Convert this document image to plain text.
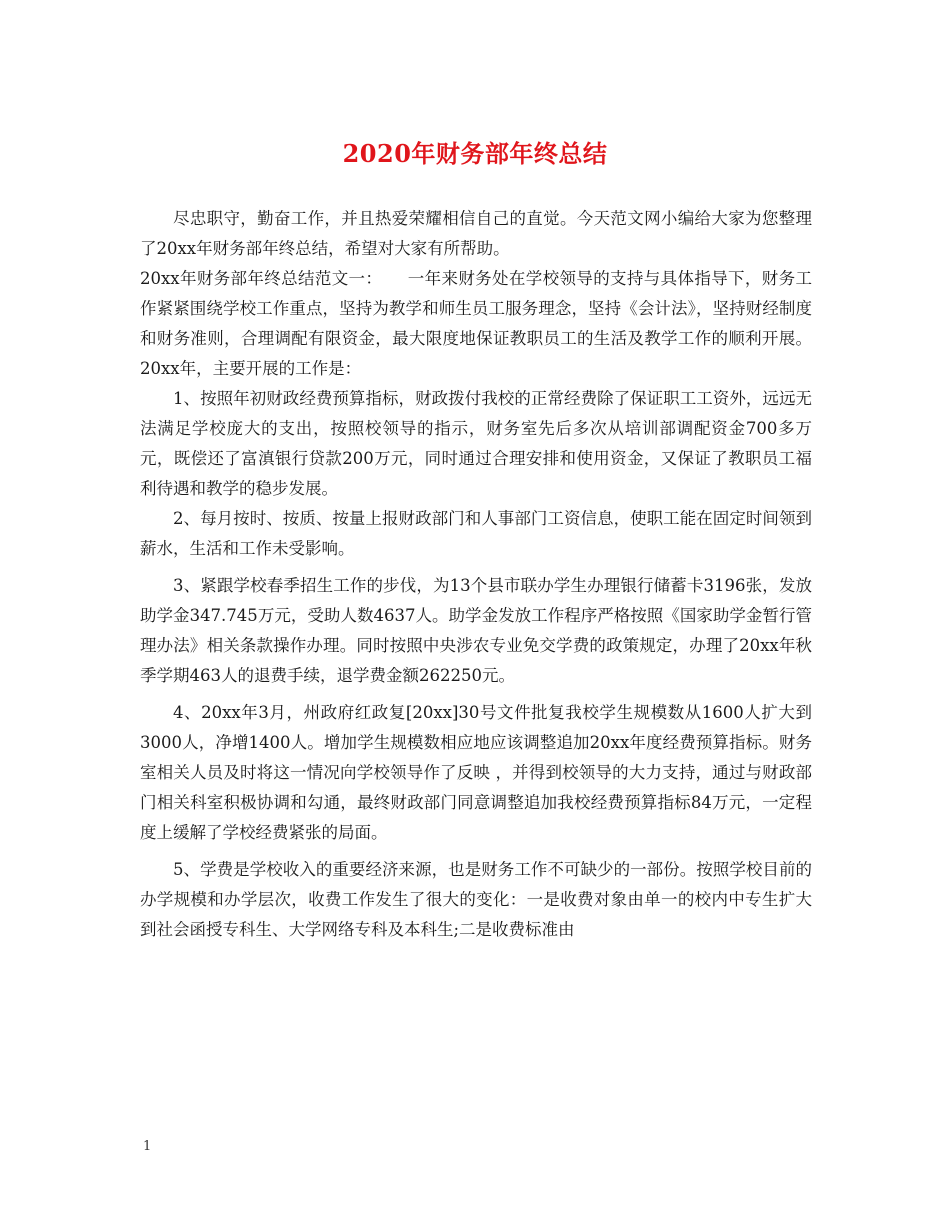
2020年财务部年终总结

尽忠职守，勤奋工作，并且热爱荣耀相信自己的直觉。今天范文网小编给大家为您整理了20xx年财务部年终总结，希望对大家有所帮助。

20xx年财务部年终总结范文一：　　一年来财务处在学校领导的支持与具体指导下，财务工作紧紧围绕学校工作重点，坚持为教学和师生员工服务理念，坚持《会计法》，坚持财经制度和财务准则，合理调配有限资金，最大限度地保证教职员工的生活及教学工作的顺利开展。20xx年，主要开展的工作是：

1、按照年初财政经费预算指标，财政拨付我校的正常经费除了保证职工工资外，远远无法满足学校庞大的支出，按照校领导的指示，财务室先后多次从培训部调配资金700多万元，既偿还了富滇银行贷款200万元，同时通过合理安排和使用资金，又保证了教职员工福利待遇和教学的稳步发展。

2、每月按时、按质、按量上报财政部门和人事部门工资信息，使职工能在固定时间领到薪水，生活和工作未受影响。

3、紧跟学校春季招生工作的步伐，为13个县市联办学生办理银行储蓄卡3196张，发放助学金347.745万元，受助人数4637人。助学金发放工作程序严格按照《国家助学金暂行管理办法》相关条款操作办理。同时按照中央涉农专业免交学费的政策规定，办理了20xx年秋季学期463人的退费手续，退学费金额262250元。

4、20xx年3月，州政府红政复[20xx]30号文件批复我校学生规模数从1600人扩大到3000人，净增1400人。增加学生规模数相应地应该调整追加20xx年度经费预算指标。财务室相关人员及时将这一情况向学校领导作了反映 ，并得到校领导的大力支持，通过与财政部门相关科室积极协调和勾通，最终财政部门同意调整追加我校经费预算指标84万元，一定程度上缓解了学校经费紧张的局面。

5、学费是学校收入的重要经济来源，也是财务工作不可缺少的一部份。按照学校目前的办学规模和办学层次，收费工作发生了很大的变化：一是收费对象由单一的校内中专生扩大到社会函授专科生、大学网络专科及本科生;二是收费标准由

1
